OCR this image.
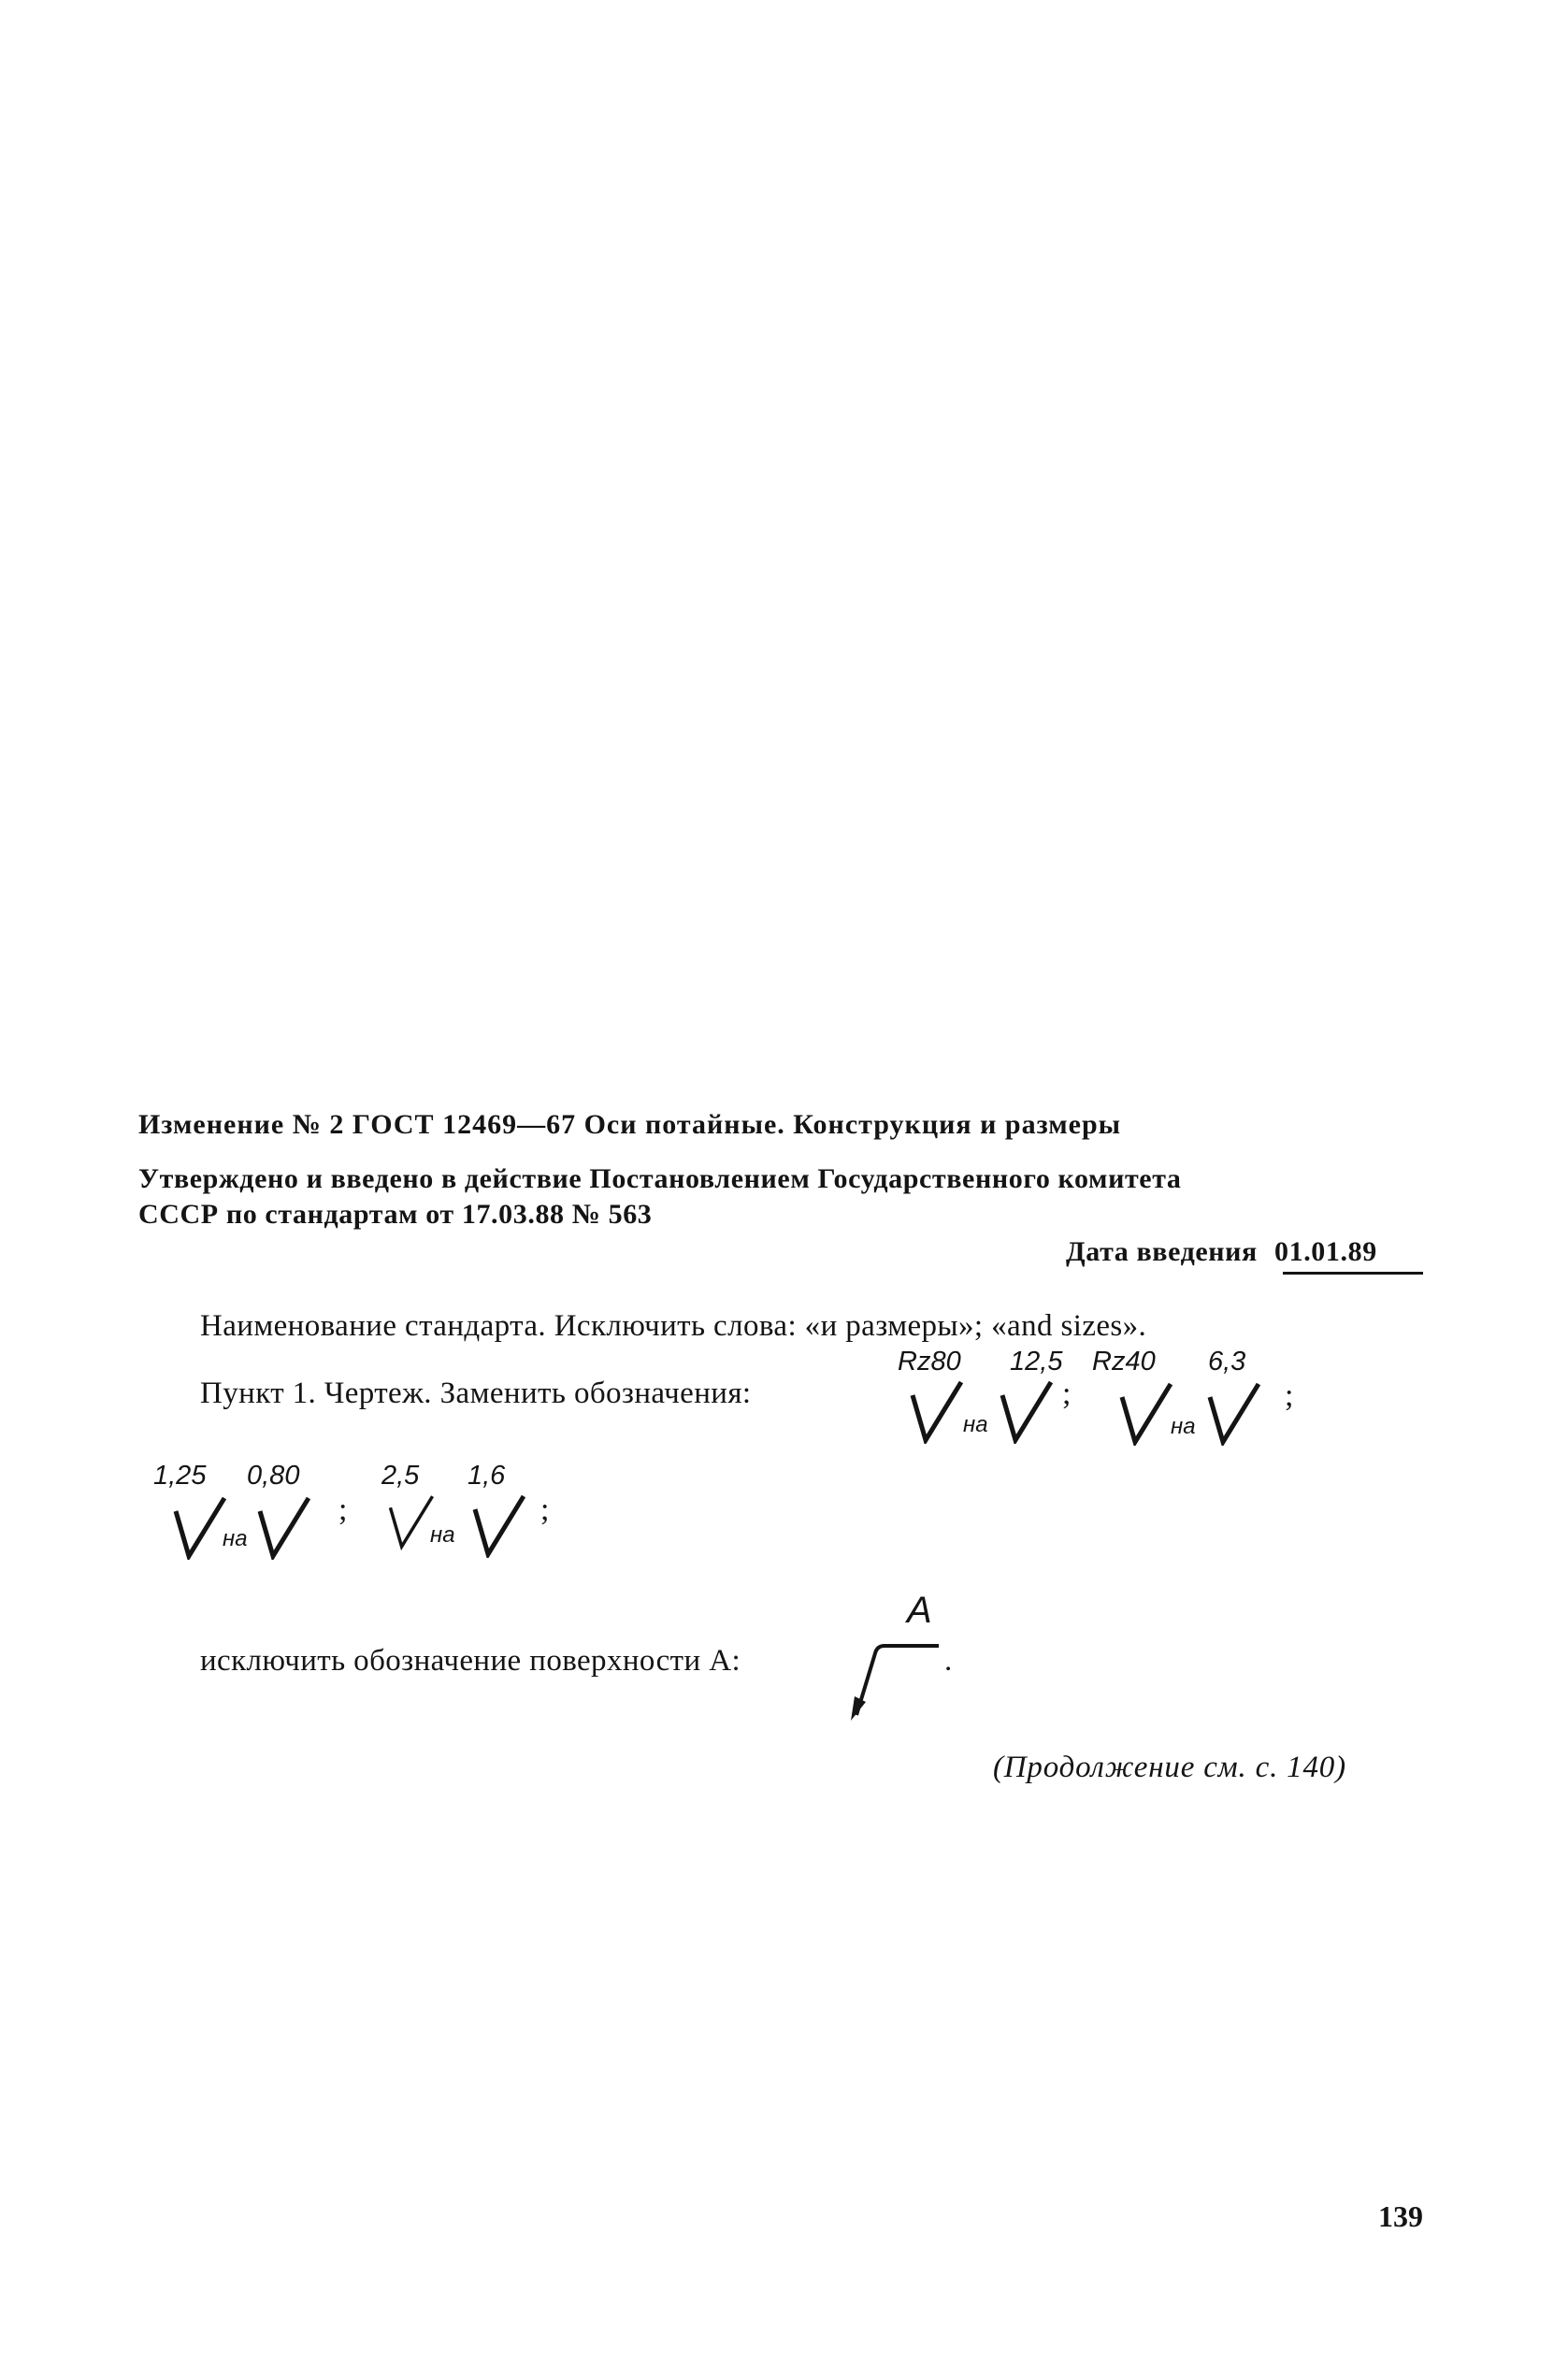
Изменение № 2 ГОСТ 12469—67 Оси потайные. Конструкция и размеры
Утверждено и введено в действие Постановлением Государственного комитета
СССР по стандартам от 17.03.88 № 563
Дата введения 01.01.89
Наименование стандарта. Исключить слова: «и размеры»; «and sizes».
Пункт 1. Чертеж. Заменить обозначения:
Rz80 12,5
на
;
Rz40 6,3
на
;
1,25 0,80
на
;
2,5 1,6
на
;
исключить обозначение поверхности А:
А
.
(Продолжение см. с. 140)
139
